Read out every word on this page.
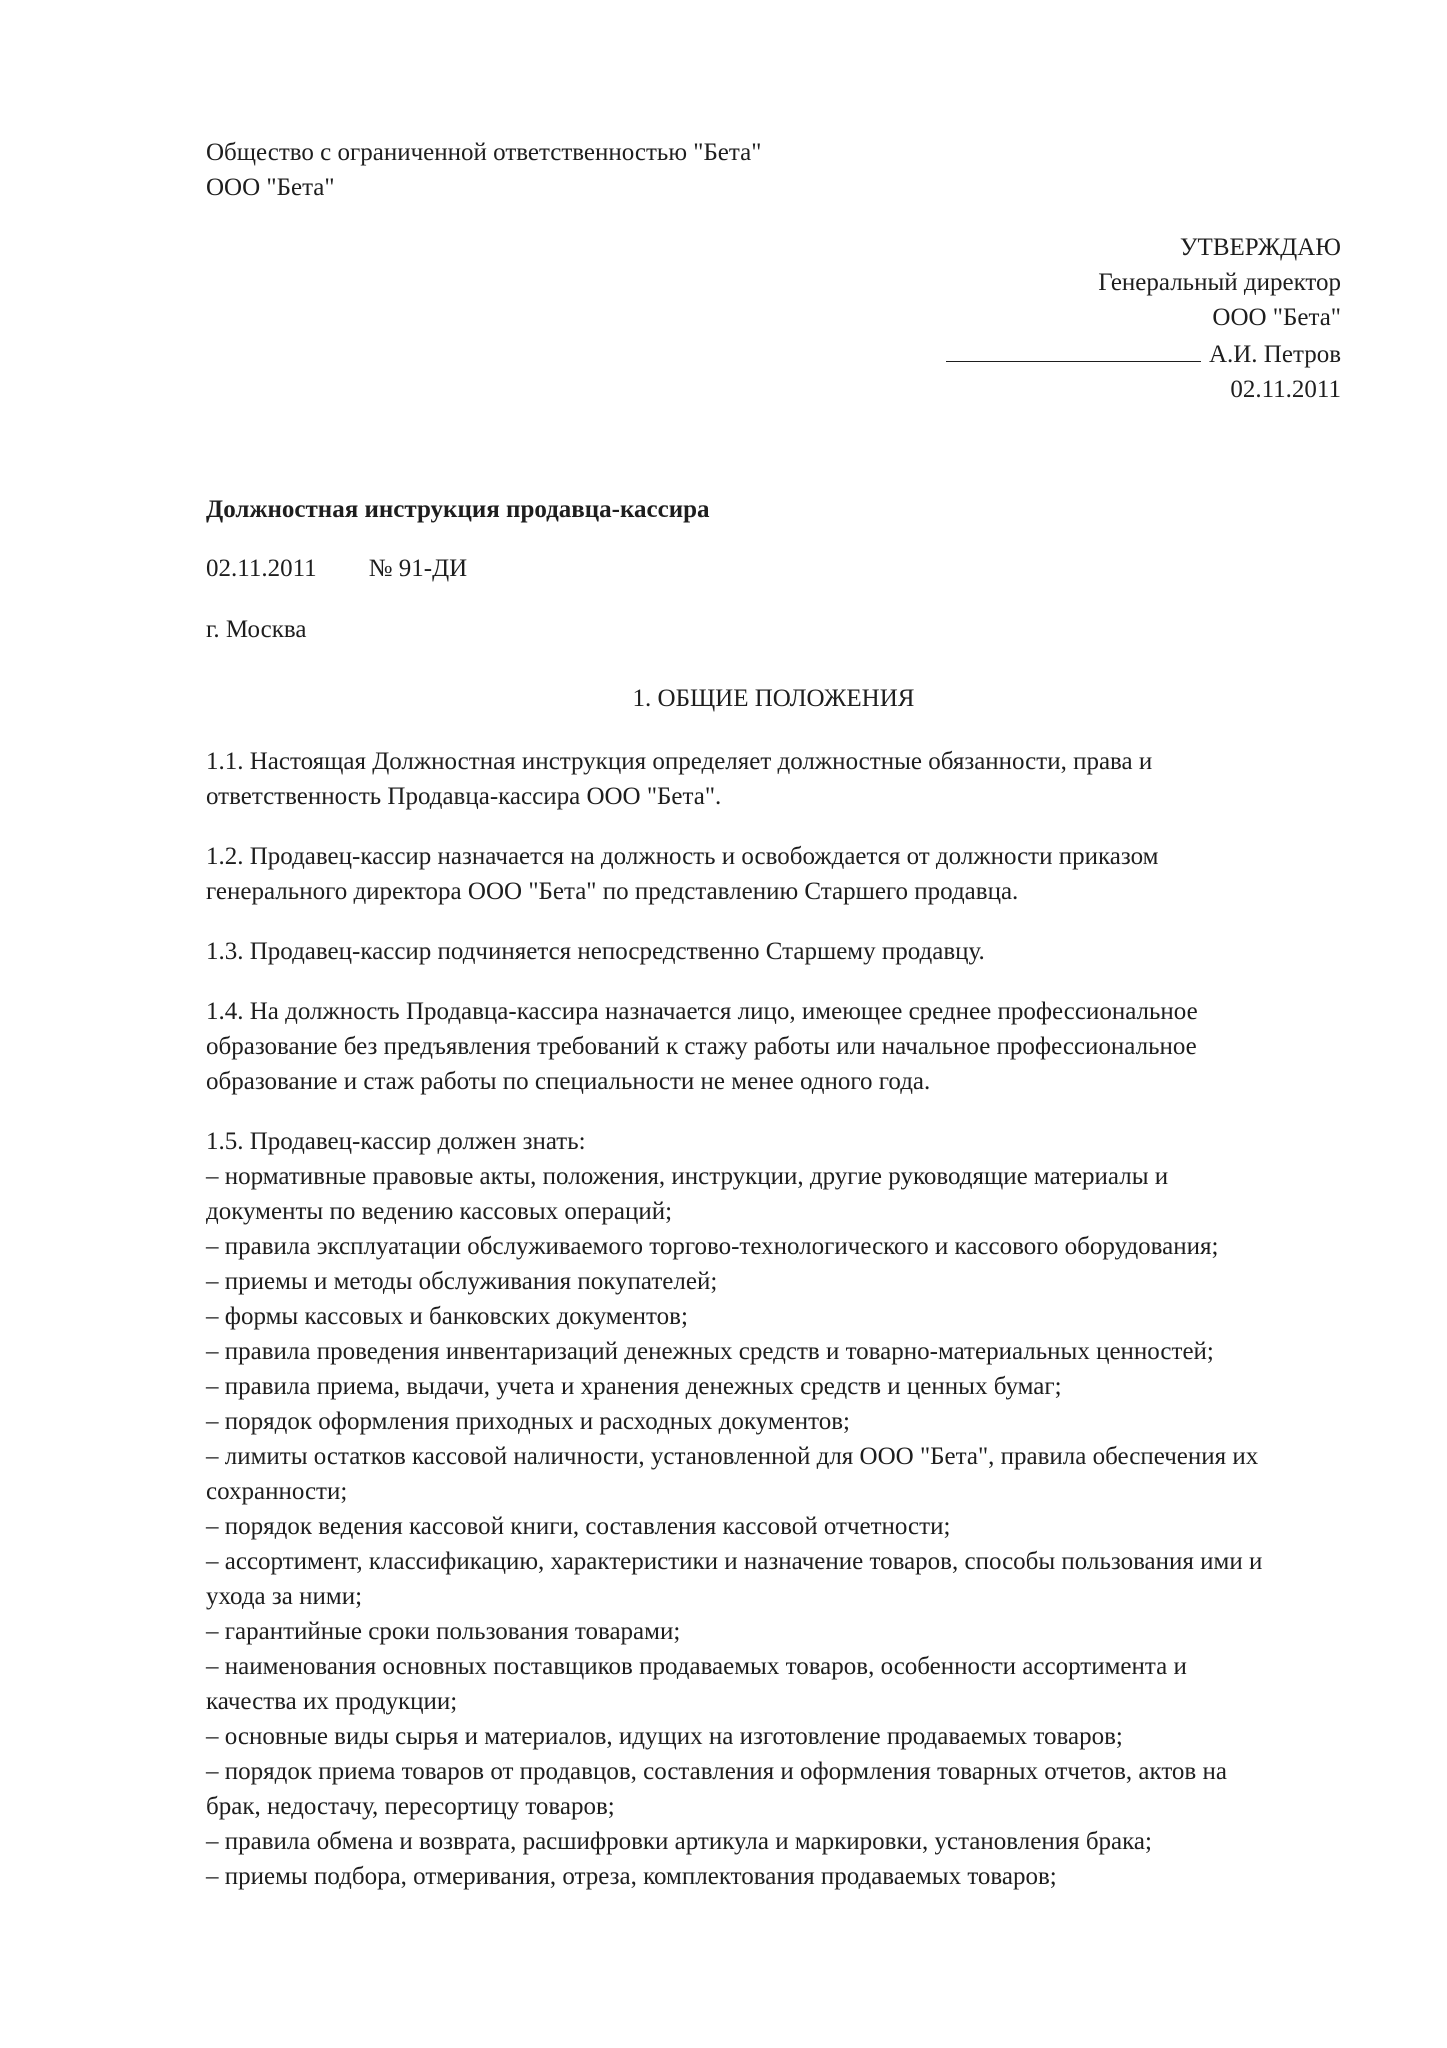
Общество с ограниченной ответственностью "Бета"
ООО "Бета"
УТВЕРЖДАЮ
Генеральный директор
ООО "Бета"
А.И. Петров
02.11.2011
Должностная инструкция продавца-кассира
02.11.2011 № 91-ДИ
г. Москва
1. ОБЩИЕ ПОЛОЖЕНИЯ
1.1. Настоящая Должностная инструкция определяет должностные обязанности, права и
ответственность Продавца-кассира ООО "Бета".
1.2. Продавец-кассир назначается на должность и освобождается от должности приказом
генерального директора ООО "Бета" по представлению Старшего продавца.
1.3. Продавец-кассир подчиняется непосредственно Старшему продавцу.
1.4. На должность Продавца-кассира назначается лицо, имеющее среднее профессиональное
образование без предъявления требований к стажу работы или начальное профессиональное
образование и стаж работы по специальности не менее одного года.
1.5. Продавец-кассир должен знать:
– нормативные правовые акты, положения, инструкции, другие руководящие материалы и
документы по ведению кассовых операций;
– правила эксплуатации обслуживаемого торгово-технологического и кассового оборудования;
– приемы и методы обслуживания покупателей;
– формы кассовых и банковских документов;
– правила проведения инвентаризаций денежных средств и товарно-материальных ценностей;
– правила приема, выдачи, учета и хранения денежных средств и ценных бумаг;
– порядок оформления приходных и расходных документов;
– лимиты остатков кассовой наличности, установленной для ООО "Бета", правила обеспечения их
сохранности;
– порядок ведения кассовой книги, составления кассовой отчетности;
– ассортимент, классификацию, характеристики и назначение товаров, способы пользования ими и
ухода за ними;
– гарантийные сроки пользования товарами;
– наименования основных поставщиков продаваемых товаров, особенности ассортимента и
качества их продукции;
– основные виды сырья и материалов, идущих на изготовление продаваемых товаров;
– порядок приема товаров от продавцов, составления и оформления товарных отчетов, актов на
брак, недостачу, пересортицу товаров;
– правила обмена и возврата, расшифровки артикула и маркировки, установления брака;
– приемы подбора, отмеривания, отреза, комплектования продаваемых товаров;
